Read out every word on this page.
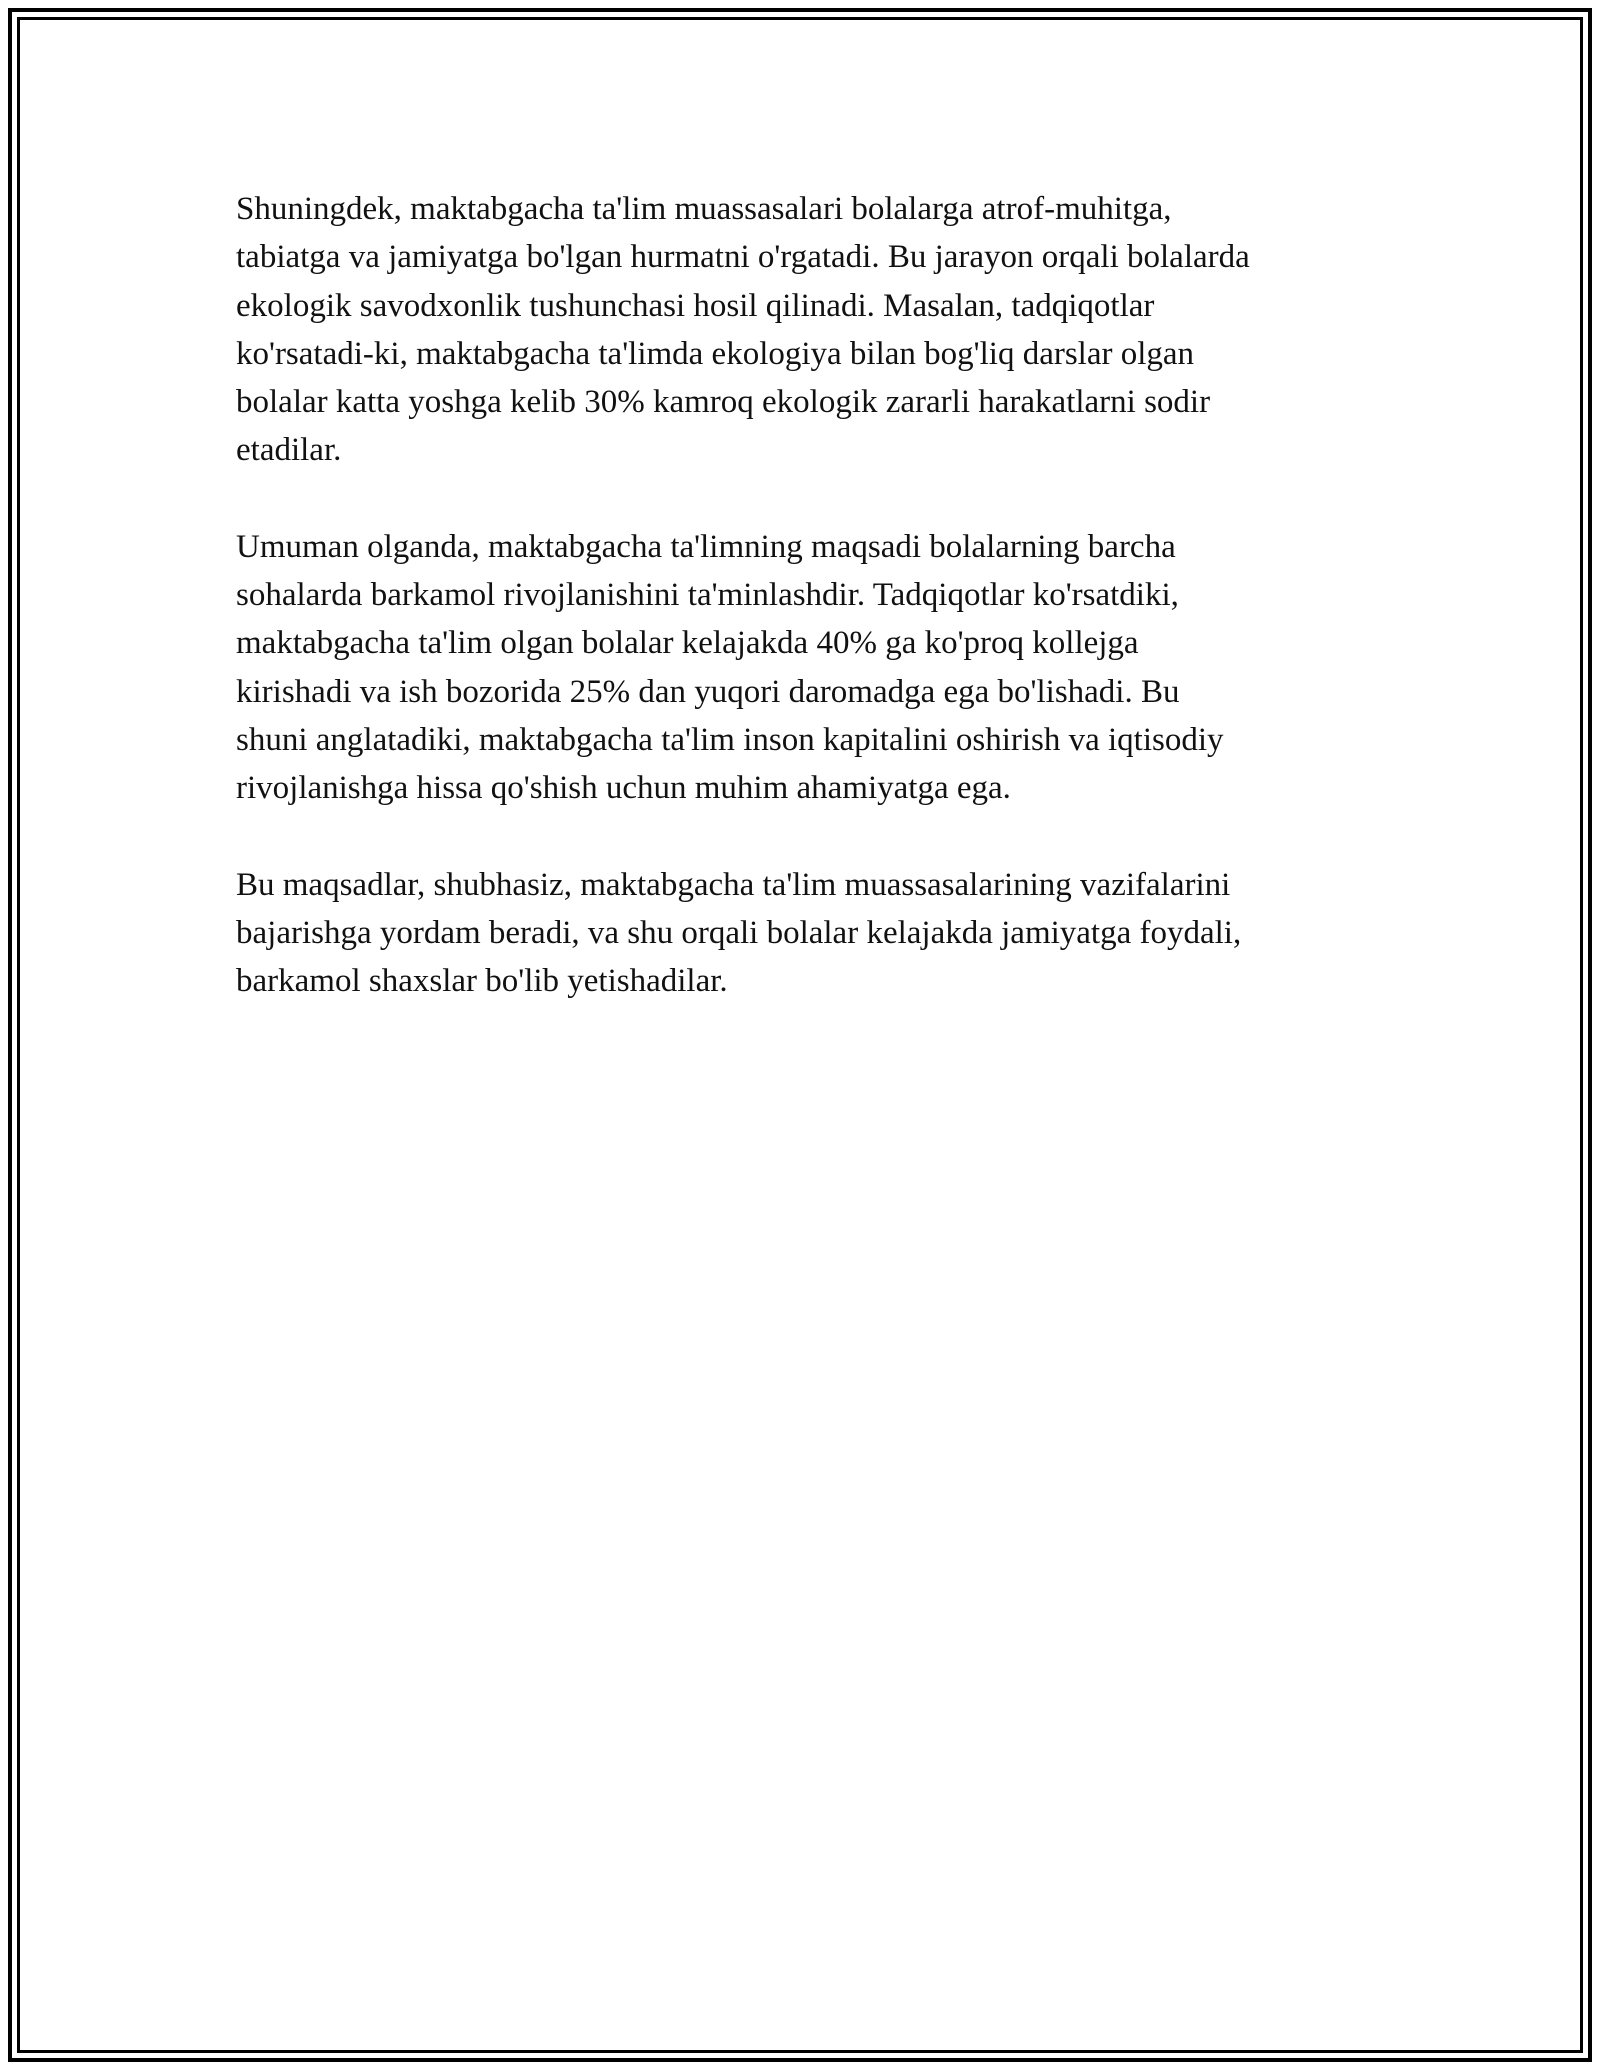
Shuningdek, maktabgacha ta'lim muassasalari bolalarga atrof-muhitga,
tabiatga va jamiyatga bo'lgan hurmatni o'rgatadi. Bu jarayon orqali bolalarda
ekologik savodxonlik tushunchasi hosil qilinadi. Masalan, tadqiqotlar
ko'rsatadi-ki, maktabgacha ta'limda ekologiya bilan bog'liq darslar olgan
bolalar katta yoshga kelib 30% kamroq ekologik zararli harakatlarni sodir
etadilar.

Umuman olganda, maktabgacha ta'limning maqsadi bolalarning barcha
sohalarda barkamol rivojlanishini ta'minlashdir. Tadqiqotlar ko'rsatdiki,
maktabgacha ta'lim olgan bolalar kelajakda 40% ga ko'proq kollejga
kirishadi va ish bozorida 25% dan yuqori daromadga ega bo'lishadi. Bu
shuni anglatadiki, maktabgacha ta'lim inson kapitalini oshirish va iqtisodiy
rivojlanishga hissa qo'shish uchun muhim ahamiyatga ega.

Bu maqsadlar, shubhasiz, maktabgacha ta'lim muassasalarining vazifalarini
bajarishga yordam beradi, va shu orqali bolalar kelajakda jamiyatga foydali,
barkamol shaxslar bo'lib yetishadilar.
